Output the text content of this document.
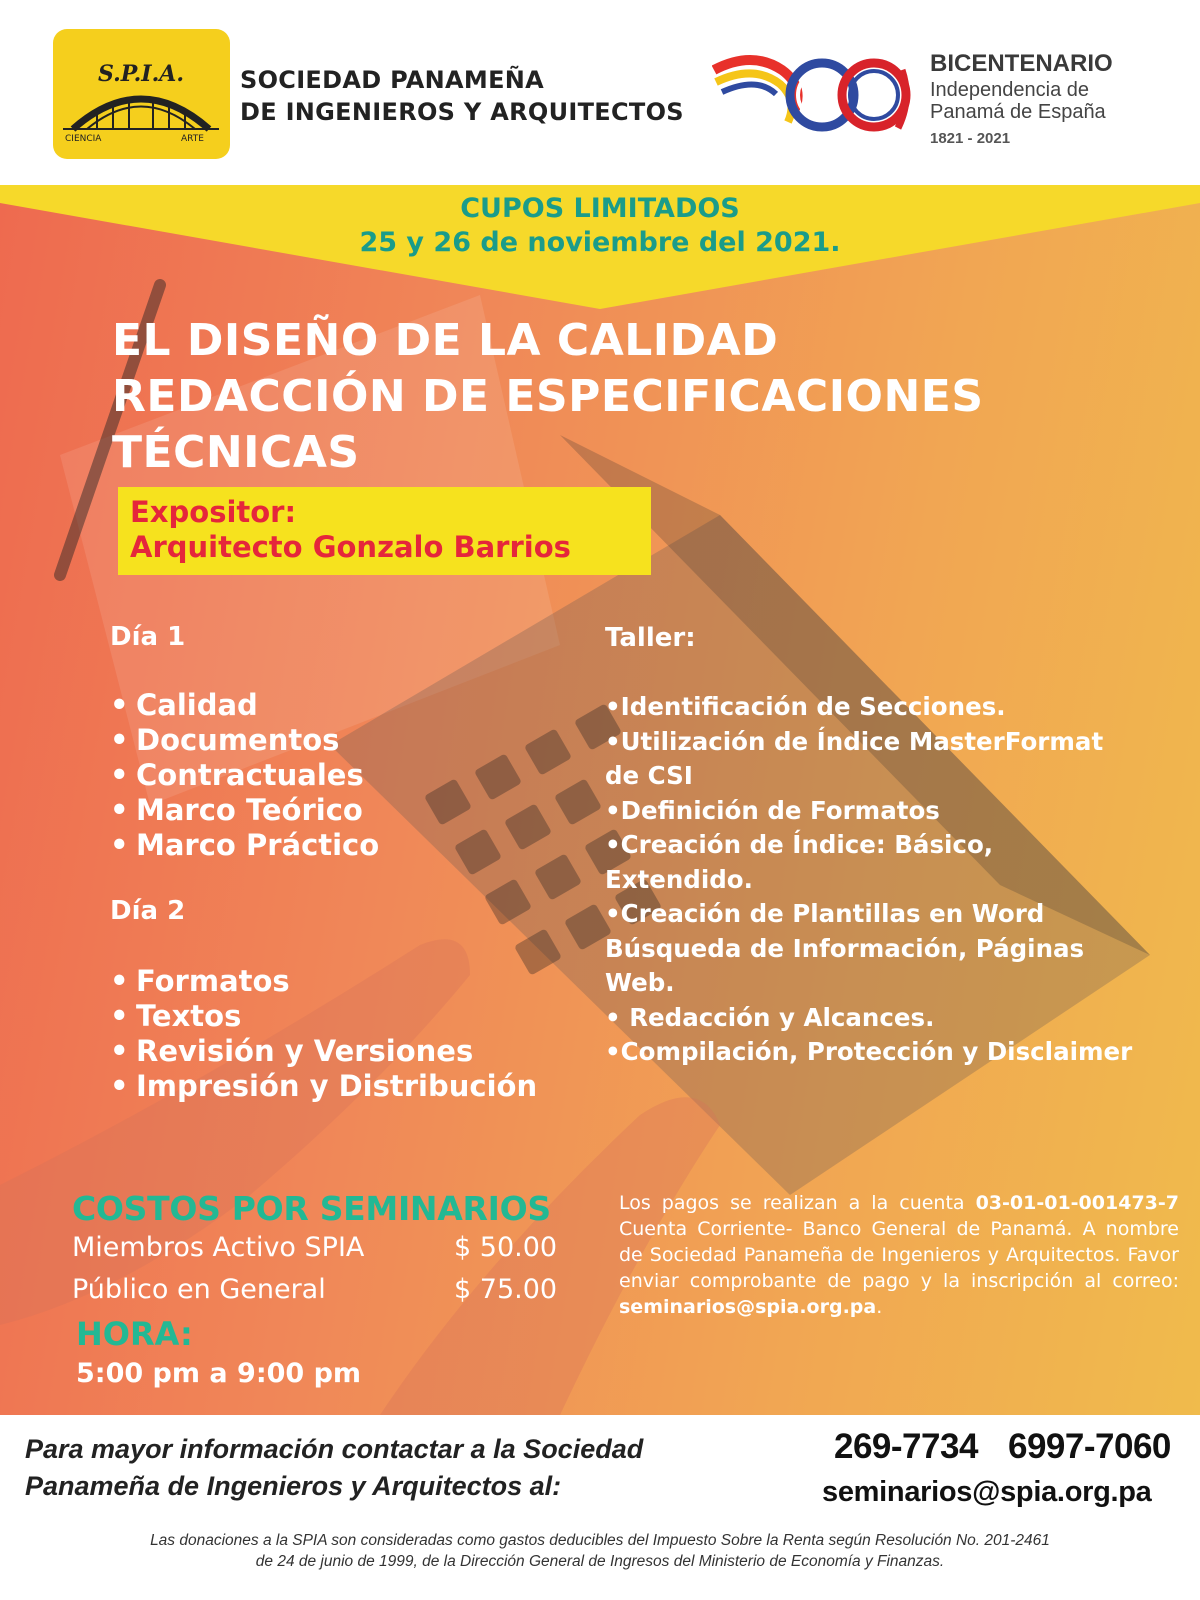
S.P.I.A.
CIENCIA	ARTE
SOCIEDAD PANAMEÑA
DE INGENIEROS Y ARQUITECTOS
BICENTENARIO
Independencia de
Panamá de España
1821 - 2021
CUPOS LIMITADOS
25 y 26 de noviembre del 2021.
EL DISEÑO DE LA CALIDAD
REDACCIÓN DE ESPECIFICACIONES
TÉCNICAS
Expositor:
Arquitecto Gonzalo Barrios
Día 1
• Calidad
• Documentos
• Contractuales
• Marco Teórico
• Marco Práctico
Día 2
• Formatos
• Textos
• Revisión y Versiones
• Impresión y Distribución
Taller:
•Identificación de Secciones.
•Utilización de Índice MasterFormat
de CSI
•Definición de Formatos
•Creación de Índice: Básico,
Extendido.
•Creación de Plantillas en Word
Búsqueda de Información, Páginas
Web.
• Redacción y Alcances.
•Compilación, Protección y Disclaimer
COSTOS POR SEMINARIOS
Miembros Activo SPIA	$ 50.00
Público en General	$ 75.00
HORA:
5:00 pm a 9:00 pm
Los pagos se realizan a la cuenta 03-01-01-001473-7 Cuenta Corriente- Banco General de Panamá. A nombre de Sociedad Panameña de Ingenieros y Arquitectos. Favor enviar comprobante de pago y la inscripción al correo: seminarios@spia.org.pa.
Para mayor información contactar a la Sociedad
Panameña de Ingenieros y Arquitectos al:
269-7734 6997-7060
seminarios@spia.org.pa
Las donaciones a la SPIA son consideradas como gastos deducibles del Impuesto Sobre la Renta según Resolución No. 201-2461
de 24 de junio de 1999, de la Dirección General de Ingresos del Ministerio de Economía y Finanzas.
